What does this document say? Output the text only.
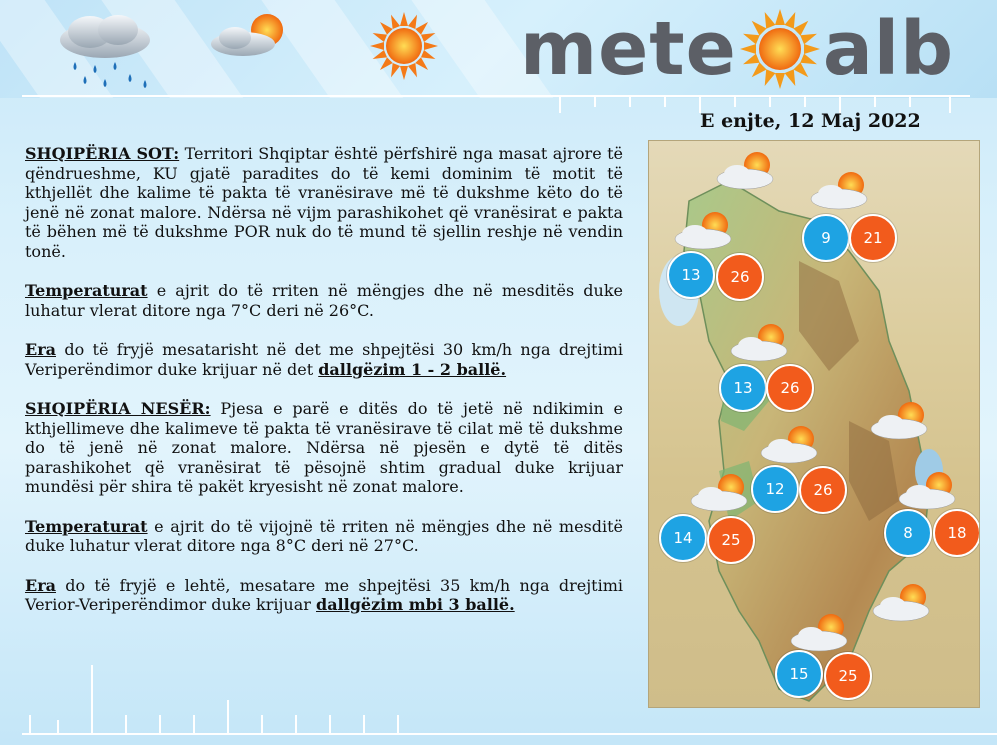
mete alb
E enjte, 12 Maj 2022

SHQIPËRIA SOT: Territori Shqiptar është përfshirë nga masat ajrore të qëndrueshme, KU gjatë paradites do të kemi dominim të motit të kthjellët dhe kalime të pakta të vranësirave më të dukshme këto do të jenë në zonat malore. Ndërsa në vijm parashikohet që vranësirat e pakta të bëhen më të dukshme POR nuk do të mund të sjellin reshje në vendin tonë.

Temperaturat e ajrit do të rriten në mëngjes dhe në mesditës duke luhatur vlerat ditore nga 7°C deri në 26°C.

Era do të fryjë mesatarisht në det me shpejtësi 30 km/h nga drejtimi Veriperëndimor duke krijuar në det dallgëzim 1 - 2 ballë.

SHQIPËRIA NESËR: Pjesa e parë e ditës do të jetë në ndikimin e kthjellimeve dhe kalimeve të pakta të vranësirave të cilat më të dukshme do të jenë në zonat malore. Ndërsa në pjesën e dytë të ditës parashikohet që vranësirat të pësojnë shtim gradual duke krijuar mundësi për shira të pakët kryesisht në zonat malore.

Temperaturat e ajrit do të vijojnë të rriten në mëngjes dhe në mesditë duke luhatur vlerat ditore nga 8°C deri në 27°C.

Era do të fryjë e lehtë, mesatare me shpejtësi 35 km/h nga drejtimi Verior-Veriperëndimor duke krijuar dallgëzim mbi 3 ballë.

9	21
13	26
13	26
12	26
14	25	8	18
15	25
